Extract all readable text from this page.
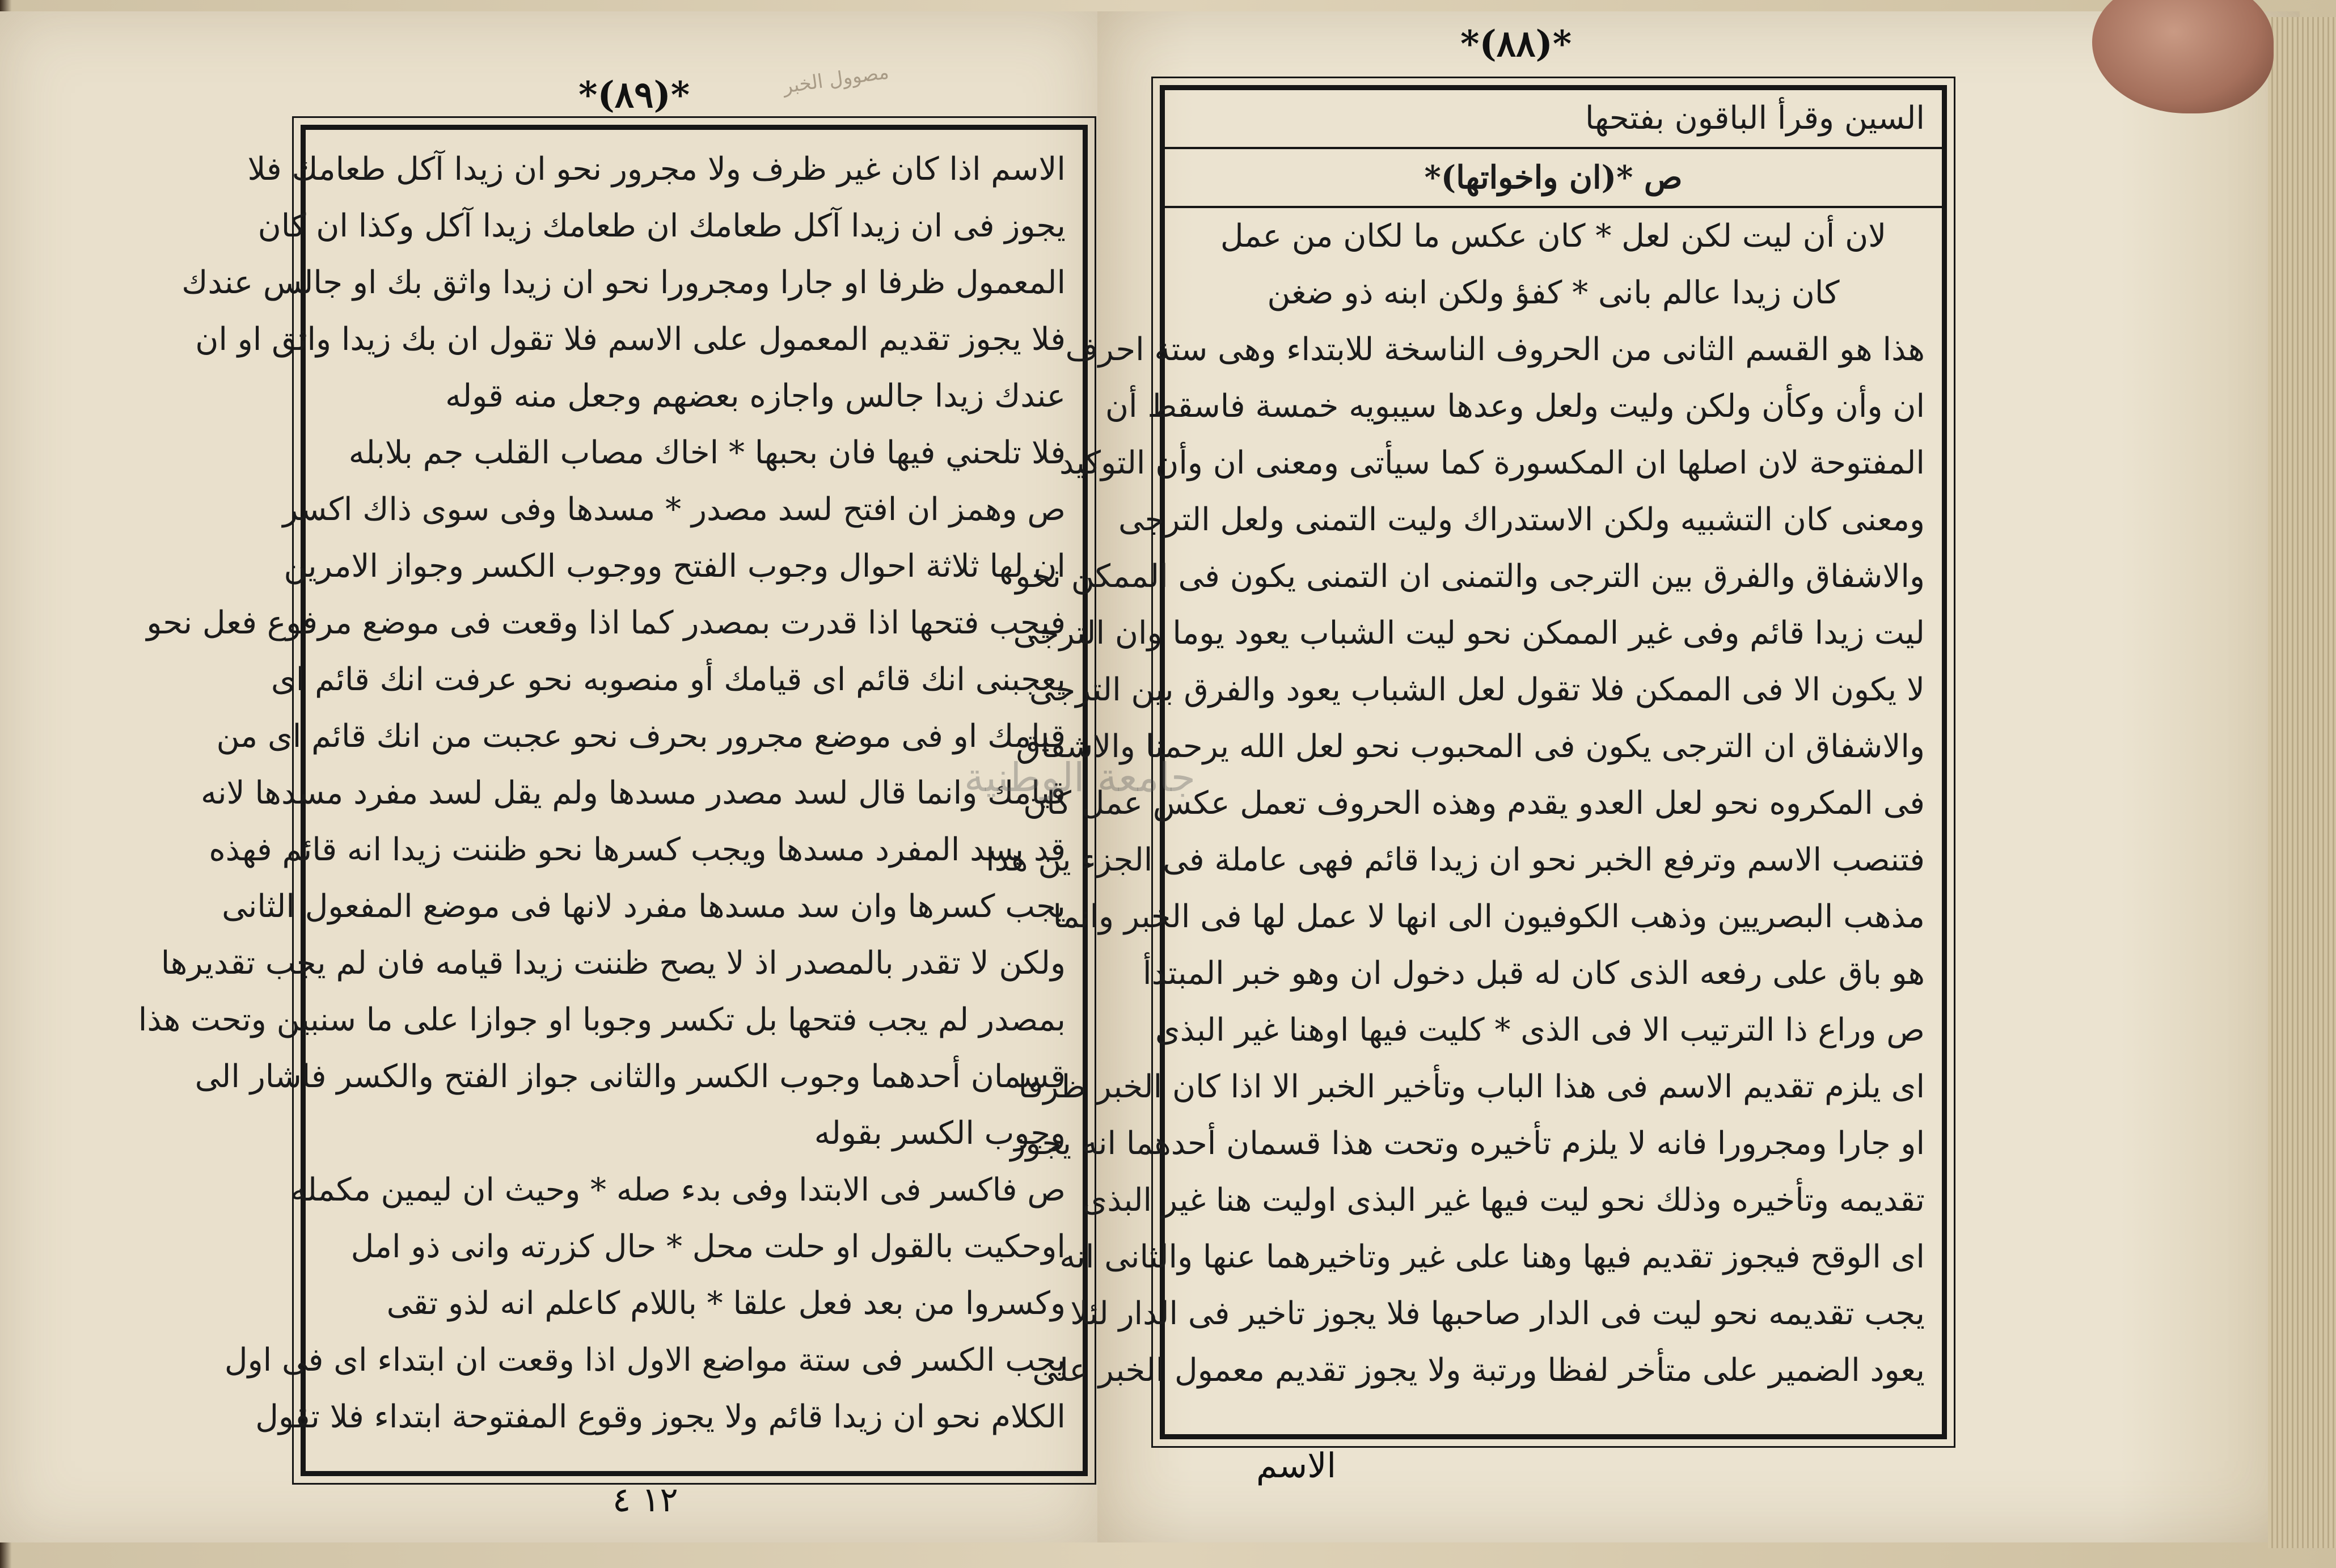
*(٨٩)*	مصوول الخبر
الاسم اذا كان غير ظرف ولا مجرور نحو ان زيدا آكل طعامك فلا
يجوز فى ان زيدا آكل طعامك ان طعامك زيدا آكل وكذا ان كان
المعمول ظرفا او جارا ومجرورا نحو ان زيدا واثق بك او جالس عندك
فلا يجوز تقديم المعمول على الاسم فلا تقول ان بك زيدا واثق او ان
عندك زيدا جالس واجازه بعضهم وجعل منه قوله
فلا تلحني فيها فان بحبها * اخاك مصاب القلب جم بلابله
ص وهمز ان افتح لسد مصدر * مسدها وفى سوى ذاك اكسر
ان لها ثلاثة احوال وجوب الفتح ووجوب الكسر وجواز الامرين
فيجب فتحها اذا قدرت بمصدر كما اذا وقعت فى موضع مرفوع فعل نحو
يعجبنى انك قائم اى قيامك أو منصوبه نحو عرفت انك قائم اى
قيامك او فى موضع مجرور بحرف نحو عجبت من انك قائم اى من
قيامك وانما قال لسد مصدر مسدها ولم يقل لسد مفرد مسدها لانه
قد يسد المفرد مسدها ويجب كسرها نحو ظننت زيدا انه قائم فهذه
يجب كسرها وان سد مسدها مفرد لانها فى موضع المفعول الثانى
ولكن لا تقدر بالمصدر اذ لا يصح ظننت زيدا قيامه فان لم يجب تقديرها
بمصدر لم يجب فتحها بل تكسر وجوبا او جوازا على ما سنبين وتحت هذا
قسمان أحدهما وجوب الكسر والثانى جواز الفتح والكسر فاشار الى
وجوب الكسر بقوله
ص فاكسر فى الابتدا وفى بدء صله * وحيث ان ليمين مكمله
اوحكيت بالقول او حلت محل * حال كزرته وانى ذو امل
وكسروا من بعد فعل علقا * باللام كاعلم انه لذو تقى
يجب الكسر فى ستة مواضع الاول اذا وقعت ان ابتداء اى فى اول
الكلام نحو ان زيدا قائم ولا يجوز وقوع المفتوحة ابتداء فلا تقول
١٢ ٤
*(٨٨)*
السين وقرأ الباقون بفتحها
ص *(ان واخواتها)*
لان أن ليت لكن لعل * كان عكس ما لكان من عمل
كان زيدا عالم بانى * كفؤ ولكن ابنه ذو ضغن
هذا هو القسم الثانى من الحروف الناسخة للابتداء وهى ستة احرف
ان وأن وكأن ولكن وليت ولعل وعدها سيبويه خمسة فاسقط أن
المفتوحة لان اصلها ان المكسورة كما سيأتى ومعنى ان وأن التوكيد
ومعنى كان التشبيه ولكن الاستدراك وليت التمنى ولعل الترجى
والاشفاق والفرق بين الترجى والتمنى ان التمنى يكون فى الممكن نحو
ليت زيدا قائم وفى غير الممكن نحو ليت الشباب يعود يوما وان الترجى
لا يكون الا فى الممكن فلا تقول لعل الشباب يعود والفرق بين الترجى
والاشفاق ان الترجى يكون فى المحبوب نحو لعل الله يرحمنا والاشفاق
فى المكروه نحو لعل العدو يقدم وهذه الحروف تعمل عكس عمل كان
فتنصب الاسم وترفع الخبر نحو ان زيدا قائم فهى عاملة فى الجزء ين هذا
مذهب البصريين وذهب الكوفيون الى انها لا عمل لها فى الخبر وانما
هو باق على رفعه الذى كان له قبل دخول ان وهو خبر المبتدأ
ص وراع ذا الترتيب الا فى الذى * كليت فيها اوهنا غير البذى
اى يلزم تقديم الاسم فى هذا الباب وتأخير الخبر الا اذا كان الخبر ظرفا
او جارا ومجرورا فانه لا يلزم تأخيره وتحت هذا قسمان أحدهما انه يجوز
تقديمه وتأخيره وذلك نحو ليت فيها غير البذى اوليت هنا غير البذى
اى الوقح فيجوز تقديم فيها وهنا على غير وتاخيرهما عنها والثانى انه
يجب تقديمه نحو ليت فى الدار صاحبها فلا يجوز تاخير فى الدار لئلا
يعود الضمير على متأخر لفظا ورتبة ولا يجوز تقديم معمول الخبر على
الاسم
جامعة الوطنية
